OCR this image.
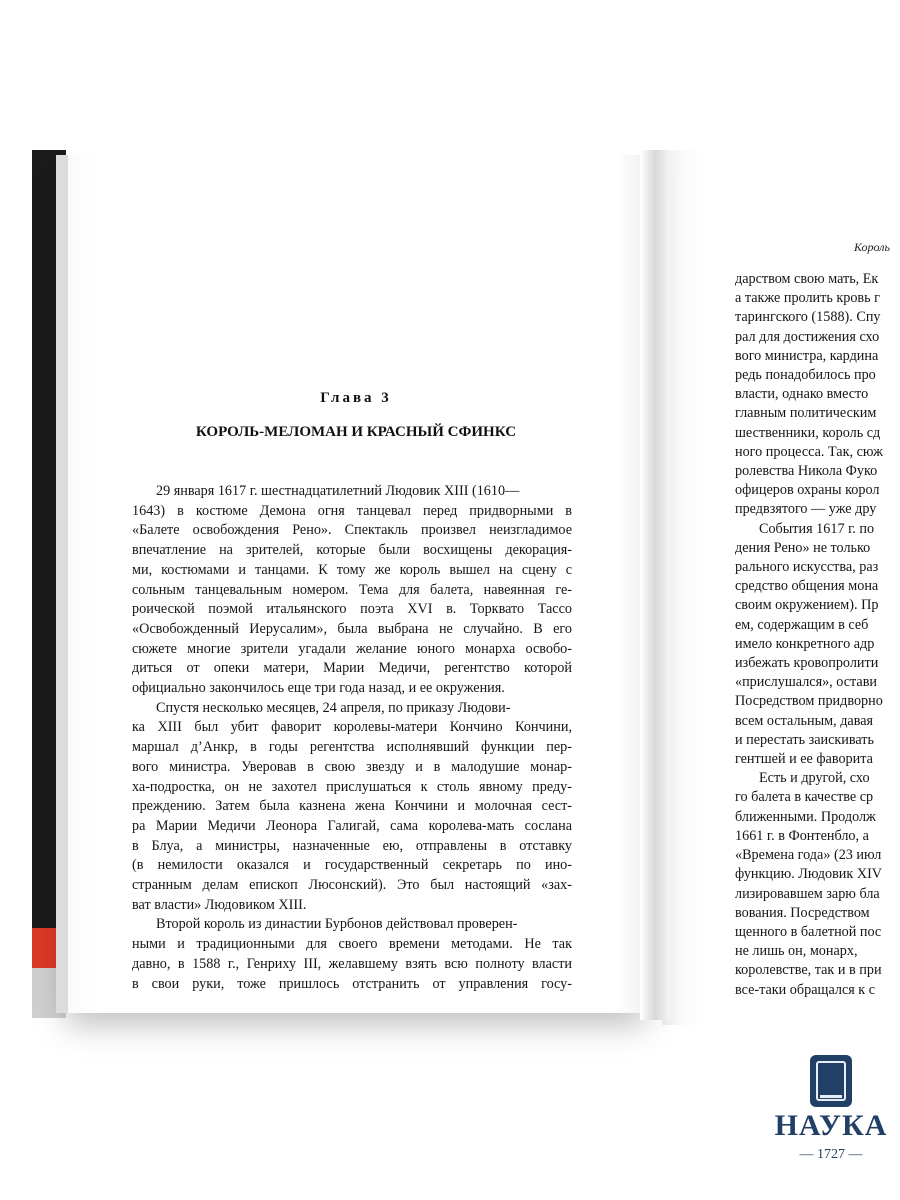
Глава 3
КОРОЛЬ-МЕЛОМАН И КРАСНЫЙ СФИНКС
29 января 1617 г. шестнадцатилетний Людовик XIII (1610—
1643) в костюме Демона огня танцевал перед придворными в
«Балете освобождения Рено». Спектакль произвел неизгладимое
впечатление на зрителей, которые были восхищены декорация-
ми, костюмами и танцами. К тому же король вышел на сцену с
сольным танцевальным номером. Тема для балета, навеянная ге-
роической поэмой итальянского поэта XVI в. Торквато Тассо
«Освобожденный Иерусалим», была выбрана не случайно. В его
сюжете многие зрители угадали желание юного монарха освобо-
диться от опеки матери, Марии Медичи, регентство которой
официально закончилось еще три года назад, и ее окружения.
Спустя несколько месяцев, 24 апреля, по приказу Людови-
ка XIII был убит фаворит королевы-матери Кончино Кончини,
маршал д’Анкр, в годы регентства исполнявший функции пер-
вого министра. Уверовав в свою звезду и в малодушие монар-
ха-подростка, он не захотел прислушаться к столь явному преду-
преждению. Затем была казнена жена Кончини и молочная сест-
ра Марии Медичи Леонора Галигай, сама королева-мать сослана
в Блуа, а министры, назначенные ею, отправлены в отставку
(в немилости оказался и государственный секретарь по ино-
странным делам епископ Люсонский). Это был настоящий «зах-
ват власти» Людовиком XIII.
Второй король из династии Бурбонов действовал проверен-
ными и традиционными для своего времени методами. Не так
давно, в 1588 г., Генриху III, желавшему взять всю полноту власти
в свои руки, тоже пришлось отстранить от управления госу-
Король
дарством свою мать, Ек
а также пролить кровь г
тарингского (1588). Спу
рал для достижения схо
вого министра, кардина
редь понадобилось про
власти, однако вместо
главным политическим
шественники, король сд
ного процесса. Так, сюж
ролевства Никола Фуко
офицеров охраны корол
предвзятого — уже дру
События 1617 г. по
дения Рено» не только
рального искусства, раз
средство общения мона
своим окружением). Пр
ем, содержащим в себ
имело конкретного адр
избежать кровопролити
«прислушался», остави
Посредством придворно
всем остальным, давая
и перестать заискивать
гентшей и ее фаворита
Есть и другой, схо
го балета в качестве ср
ближенными. Продолж
1661 г. в Фонтенбло, а
«Времена года» (23 июл
функцию. Людовик XIV
лизировавшем зарю бла
вования. Посредством
щенного в балетной пос
не лишь он, монарх,
королевстве, так и в при
все-таки обращался к с
НАУКА
— 1727 —
